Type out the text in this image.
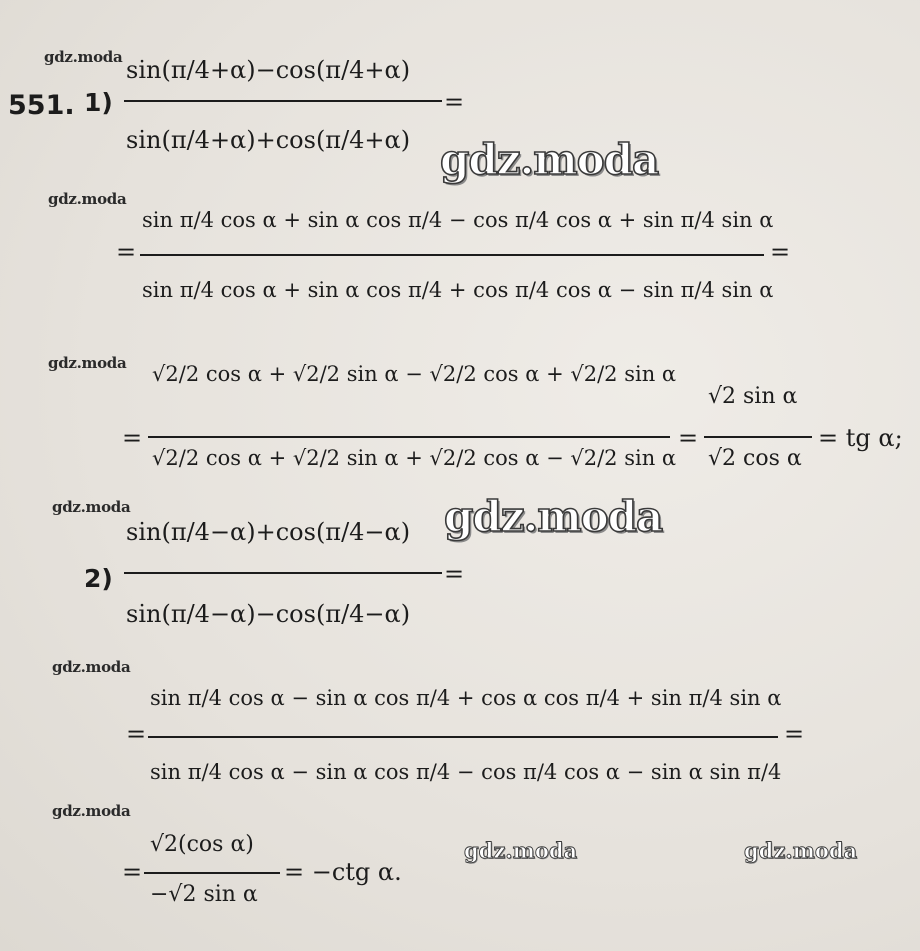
gdz.moda
gdz.moda
gdz.moda
gdz.moda
gdz.moda
gdz.moda
gdz.moda	gdz.moda
gdz.moda
gdz.moda
551. 1)
2)
sin(π/4+α)−cos(π/4+α)
sin(π/4+α)+cos(π/4+α)
=
=
sin π/4 cos α + sin α cos π/4 − cos π/4 cos α + sin π/4 sin α
sin π/4 cos α + sin α cos π/4 + cos π/4 cos α − sin π/4 sin α
=
=
√2/2 cos α + √2/2 sin α − √2/2 cos α + √2/2 sin α
√2/2 cos α + √2/2 sin α + √2/2 cos α − √2/2 sin α
=
√2 sin α
√2 cos α
= tg α;
sin(π/4−α)+cos(π/4−α)
sin(π/4−α)−cos(π/4−α)
=
=
sin π/4 cos α − sin α cos π/4 + cos α cos π/4 + sin π/4 sin α
sin π/4 cos α − sin α cos π/4 − cos π/4 cos α − sin α sin π/4
=
=
√2(cos α)
−√2 sin α
= −ctg α.
